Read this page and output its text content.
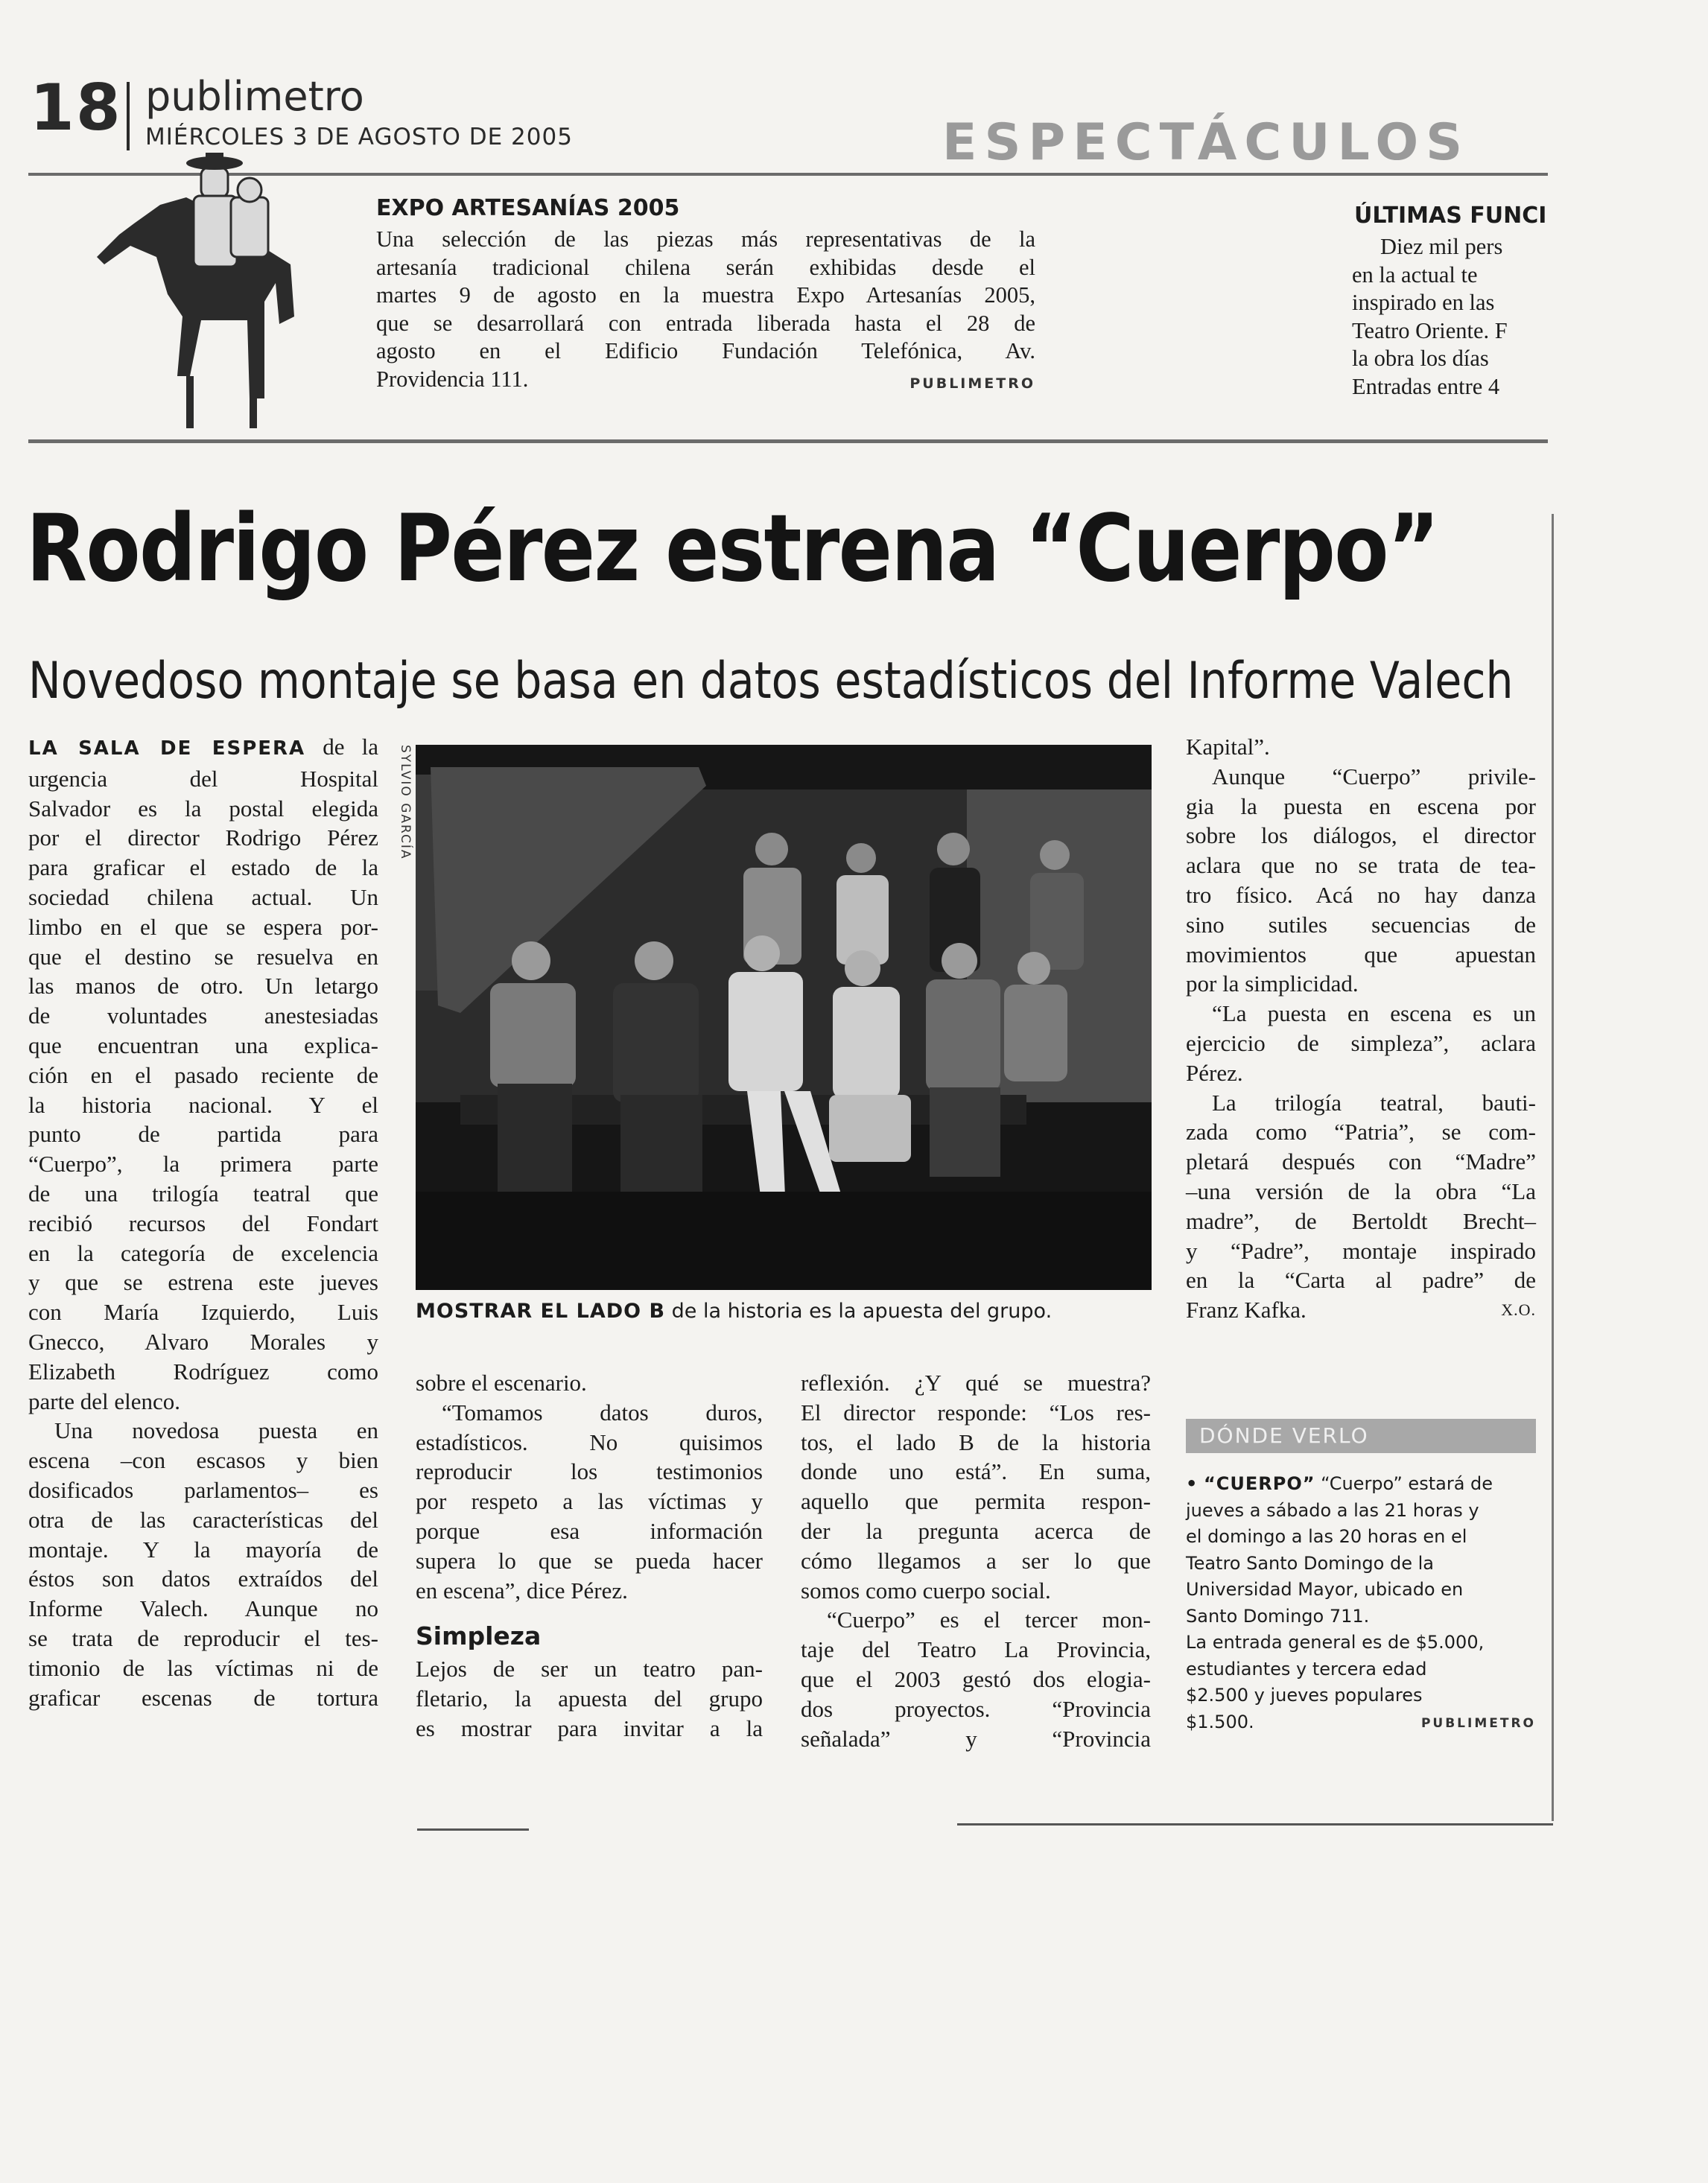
18 publimetro
MIÉRCOLES 3 DE AGOSTO DE 2005	ESPECTÁCULOS
EXPO ARTESANÍAS 2005
Una selección de las piezas más representativas de la
artesanía tradicional chilena serán exhibidas desde el
martes 9 de agosto en la muestra Expo Artesanías 2005,
que se desarrollará con entrada liberada hasta el 28 de
agosto en el Edificio Fundación Telefónica, Av.
Providencia 111.	PUBLIMETRO
ÚLTIMAS FUNCI
Diez mil pers
en la actual te
inspirado en las
Teatro Oriente. F
la obra los días
Entradas entre 4
Rodrigo Pérez estrena “Cuerpo”
Novedoso montaje se basa en datos estadísticos del Informe Valech

LA SALA DE ESPERA de la
urgencia del Hospital
Salvador es la postal elegida
por el director Rodrigo Pérez
para graficar el estado de la
sociedad chilena actual. Un
limbo en el que se espera por-
que el destino se resuelva en
las manos de otro. Un letargo
de voluntades anestesiadas
que encuentran una explica-
ción en el pasado reciente de
la historia nacional. Y el
punto de partida para
“Cuerpo”, la primera parte
de una trilogía teatral que
recibió recursos del Fondart
en la categoría de excelencia
y que se estrena este jueves
con María Izquierdo, Luis
Gnecco, Alvaro Morales y
Elizabeth Rodríguez como
parte del elenco.

Una novedosa puesta en
escena –con escasos y bien
dosificados parlamentos– es
otra de las características del
montaje. Y la mayoría de
éstos son datos extraídos del
Informe Valech. Aunque no
se trata de reproducir el tes-
timonio de las víctimas ni de
graficar escenas de tortura

SYLVIO GARCÍA
MOSTRAR EL LADO B de la historia es la apuesta del grupo.

sobre el escenario.

“Tomamos datos duros,
estadísticos. No quisimos
reproducir los testimonios
por respeto a las víctimas y
porque esa información
supera lo que se pueda hacer
en escena”, dice Pérez.

Simpleza

Lejos de ser un teatro pan-
fletario, la apuesta del grupo
es mostrar para invitar a la

reflexión. ¿Y qué se muestra?
El director responde: “Los res-
tos, el lado B de la historia
donde uno está”. En suma,
aquello que permita respon-
der la pregunta acerca de
cómo llegamos a ser lo que
somos como cuerpo social.

“Cuerpo” es el tercer mon-
taje del Teatro La Provincia,
que el 2003 gestó dos elogia-
dos proyectos. “Provincia
señalada” y “Provincia

Kapital”.

Aunque “Cuerpo” privile-
gia la puesta en escena por
sobre los diálogos, el director
aclara que no se trata de tea-
tro físico. Acá no hay danza
sino sutiles secuencias de
movimientos que apuestan
por la simplicidad.

“La puesta en escena es un
ejercicio de simpleza”, aclara
Pérez.

La trilogía teatral, bauti-
zada como “Patria”, se com-
pletará después con “Madre”
–una versión de la obra “La
madre”, de Bertoldt Brecht–
y “Padre”, montaje inspirado
en la “Carta al padre” de
Franz Kafka.	X.O.

DÓNDE VERLO
• “CUERPO” “Cuerpo” estará de
jueves a sábado a las 21 horas y
el domingo a las 20 horas en el
Teatro Santo Domingo de la
Universidad Mayor, ubicado en
Santo Domingo 711.
La entrada general es de $5.000,
estudiantes y tercera edad
$2.500 y jueves populares
$1.500.	PUBLIMETRO
